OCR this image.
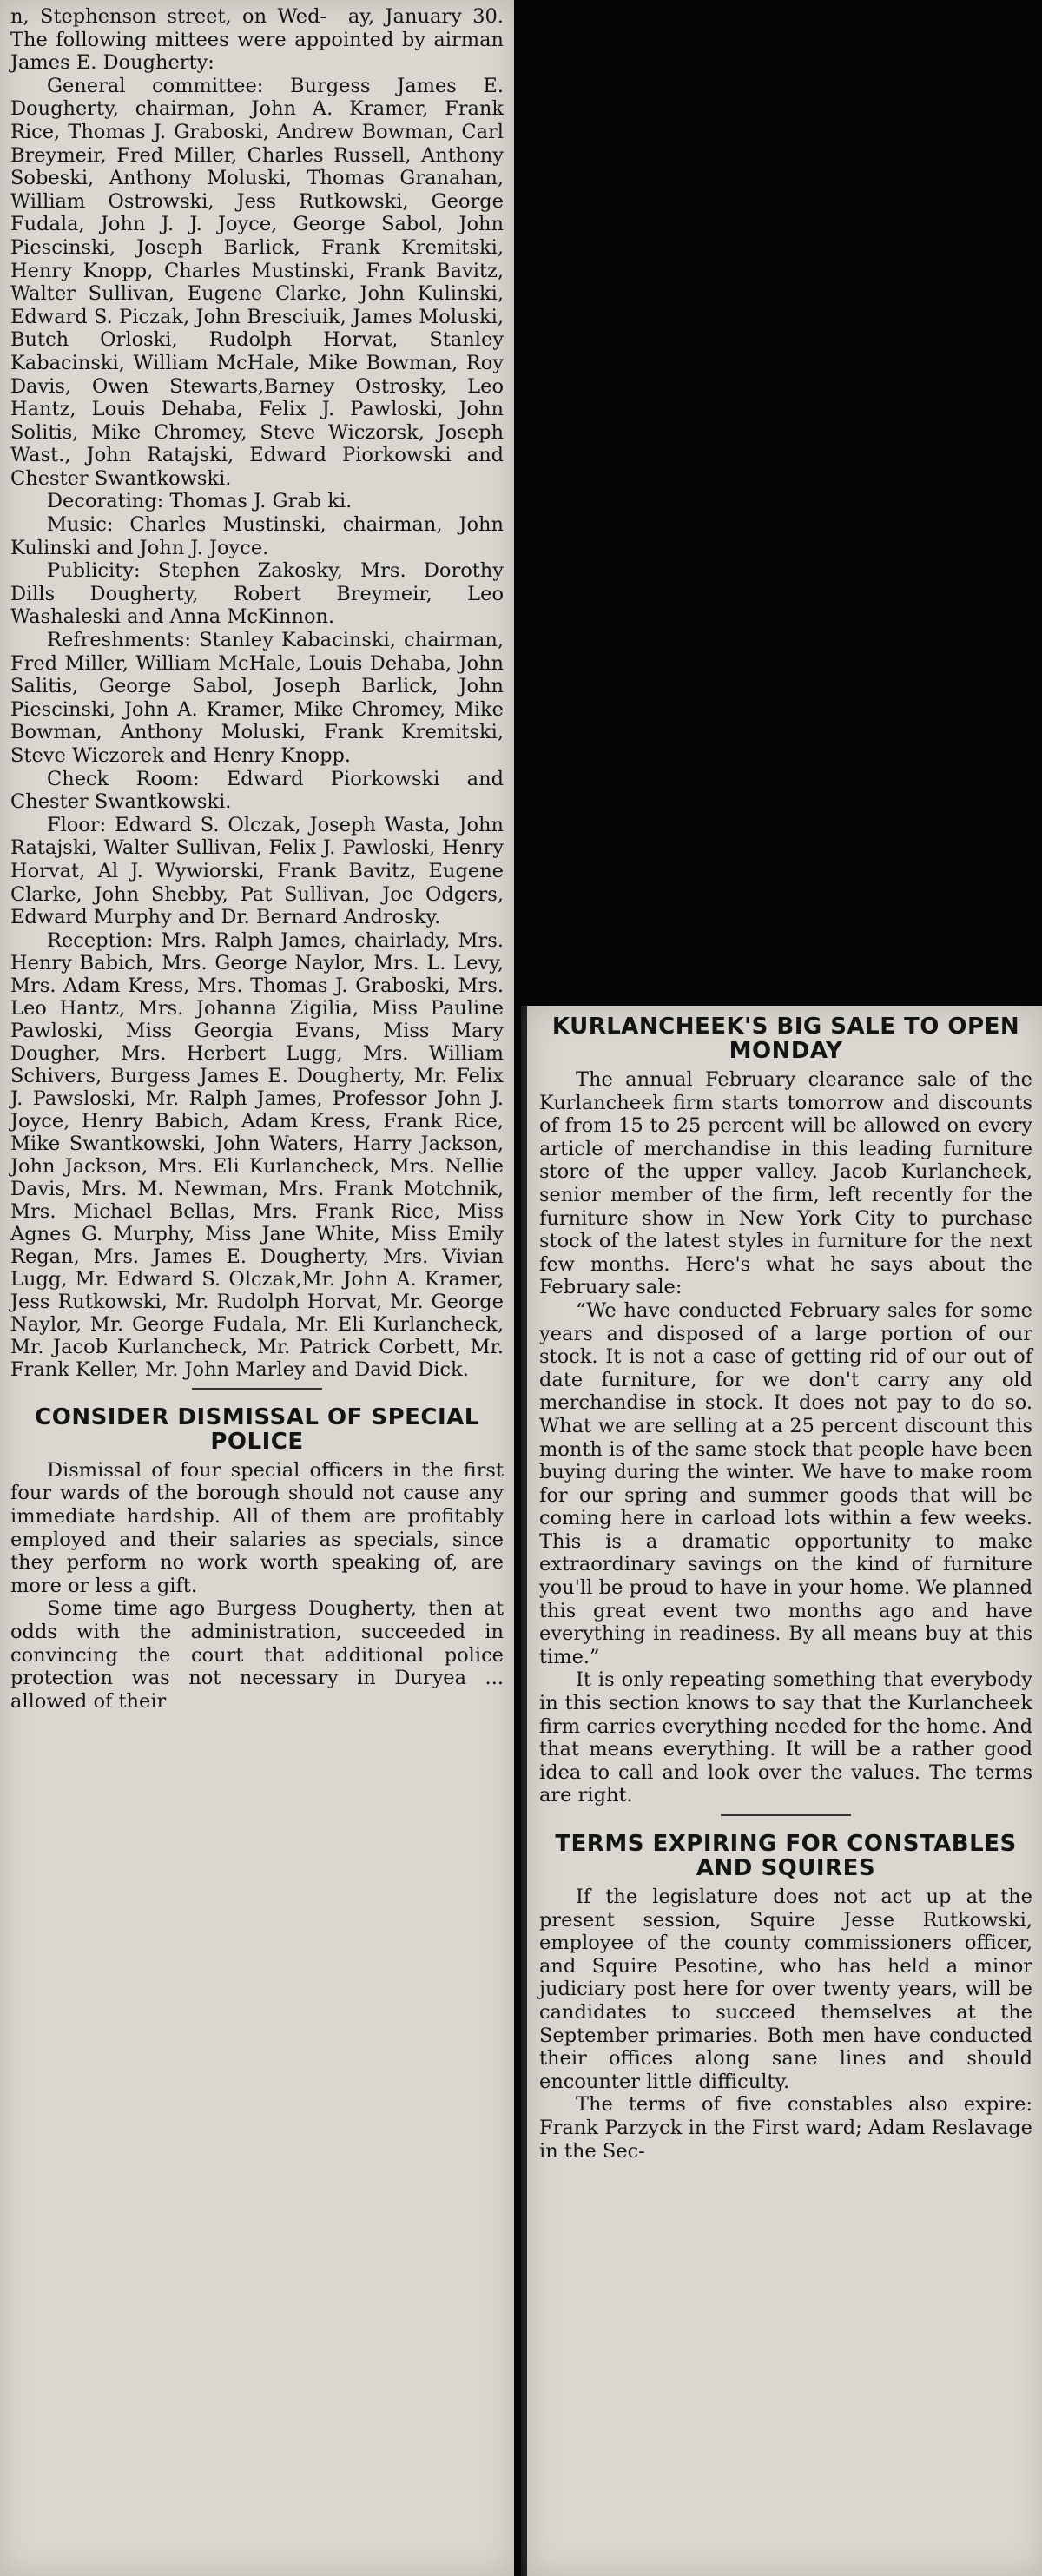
n, Stephenson street, on Wed-  ay, January 30. The following mittees were appointed by airman James E. Dougherty:

General committee: Burgess James E. Dougherty, chairman, John A. Kramer, Frank Rice, Thomas J. Graboski, Andrew Bowman, Carl Breymeir, Fred Miller, Charles Russell, Anthony Sobeski, Anthony Moluski, Thomas Granahan, William Ostrowski, Jess Rutkowski, George Fudala, John J. J. Joyce, George Sabol, John Piescinski, Joseph Barlick, Frank Kremitski, Henry Knopp, Charles Mustinski, Frank Bavitz, Walter Sullivan, Eugene Clarke, John Kulinski, Edward S. Piczak, John Bresciuik, James Moluski, Butch Orloski, Rudolph Horvat, Stanley Kabacinski, William McHale, Mike Bowman, Roy Davis, Owen Stewarts,Barney Ostrosky, Leo Hantz, Louis Dehaba, Felix J. Pawloski, John Solitis, Mike Chromey, Steve Wiczorsk, Joseph Wast., John Ratajski, Edward Piorkowski and Chester Swantkowski.

Decorating: Thomas J. Grab ki.

Music: Charles Mustinski, chairman, John Kulinski and John J. Joyce.

Publicity: Stephen Zakosky, Mrs. Dorothy Dills Dougherty, Robert Breymeir, Leo Washaleski and Anna McKinnon.

Refreshments: Stanley Kabacinski, chairman, Fred Miller, William McHale, Louis Dehaba, John Salitis, George Sabol, Joseph Barlick, John Piescinski, John A. Kramer, Mike Chromey, Mike Bowman, Anthony Moluski, Frank Kremitski, Steve Wiczorek and Henry Knopp.

Check Room: Edward Piorkowski and Chester Swantkowski.

Floor: Edward S. Olczak, Joseph Wasta, John Ratajski, Walter Sullivan, Felix J. Pawloski, Henry Horvat, Al J. Wywiorski, Frank Bavitz, Eugene Clarke, John Shebby, Pat Sullivan, Joe Odgers, Edward Murphy and Dr. Bernard Androsky.

Reception: Mrs. Ralph James, chairlady, Mrs. Henry Babich, Mrs. George Naylor, Mrs. L. Levy, Mrs. Adam Kress, Mrs. Thomas J. Graboski, Mrs. Leo Hantz, Mrs. Johanna Zigilia, Miss Pauline Pawloski, Miss Georgia Evans, Miss Mary Dougher, Mrs. Herbert Lugg, Mrs. William Schivers, Burgess James E. Dougherty, Mr. Felix J. Pawsloski, Mr. Ralph James, Professor John J. Joyce, Henry Babich, Adam Kress, Frank Rice, Mike Swantkowski, John Waters, Harry Jackson, John Jackson, Mrs. Eli Kurlancheck, Mrs. Nellie Davis, Mrs. M. Newman, Mrs. Frank Motchnik, Mrs. Michael Bellas, Mrs. Frank Rice, Miss Agnes G. Murphy, Miss Jane White, Miss Emily Regan, Mrs. James E. Dougherty, Mrs. Vivian Lugg, Mr. Edward S. Olczak,Mr. John A. Kramer, Jess Rutkowski, Mr. Rudolph Horvat, Mr. George Naylor, Mr. George Fudala, Mr. Eli Kurlancheck, Mr. Jacob Kurlancheck, Mr. Patrick Corbett, Mr. Frank Keller, Mr. John Marley and David Dick.

CONSIDER DISMISSAL OF SPECIAL POLICE

Dismissal of four special officers in the first four wards of the borough should not cause any immediate hardship. All of them are profitably employed and their salaries as specials, since they perform no work worth speaking of, are more or less a gift.

Some time ago Burgess Dougherty, then at odds with the administration, succeeded in convincing the court that additional police protection was not necessary in Duryea ... allowed of their

KURLANCHEEK'S BIG SALE TO OPEN MONDAY

The annual February clearance sale of the Kurlancheek firm starts tomorrow and discounts of from 15 to 25 percent will be allowed on every article of merchandise in this leading furniture store of the upper valley. Jacob Kurlancheek, senior member of the firm, left recently for the furniture show in New York City to purchase stock of the latest styles in furniture for the next few months. Here's what he says about the February sale:

“We have conducted February sales for some years and disposed of a large portion of our stock. It is not a case of getting rid of our out of date furniture, for we don't carry any old merchandise in stock. It does not pay to do so. What we are selling at a 25 percent discount this month is of the same stock that people have been buying during the winter. We have to make room for our spring and summer goods that will be coming here in carload lots within a few weeks. This is a dramatic opportunity to make extraordinary savings on the kind of furniture you'll be proud to have in your home. We planned this great event two months ago and have everything in readiness. By all means buy at this time.”

It is only repeating something that everybody in this section knows to say that the Kurlancheek firm carries everything needed for the home. And that means everything. It will be a rather good idea to call and look over the values. The terms are right.

TERMS EXPIRING FOR CONSTABLES AND SQUIRES

If the legislature does not act up at the present session, Squire Jesse Rutkowski, employee of the county commissioners officer, and Squire Pesotine, who has held a minor judiciary post here for over twenty years, will be candidates to succeed themselves at the September primaries. Both men have conducted their offices along sane lines and should encounter little difficulty.

The terms of five constables also expire: Frank Parzyck in the First ward; Adam Reslavage in the Sec-
